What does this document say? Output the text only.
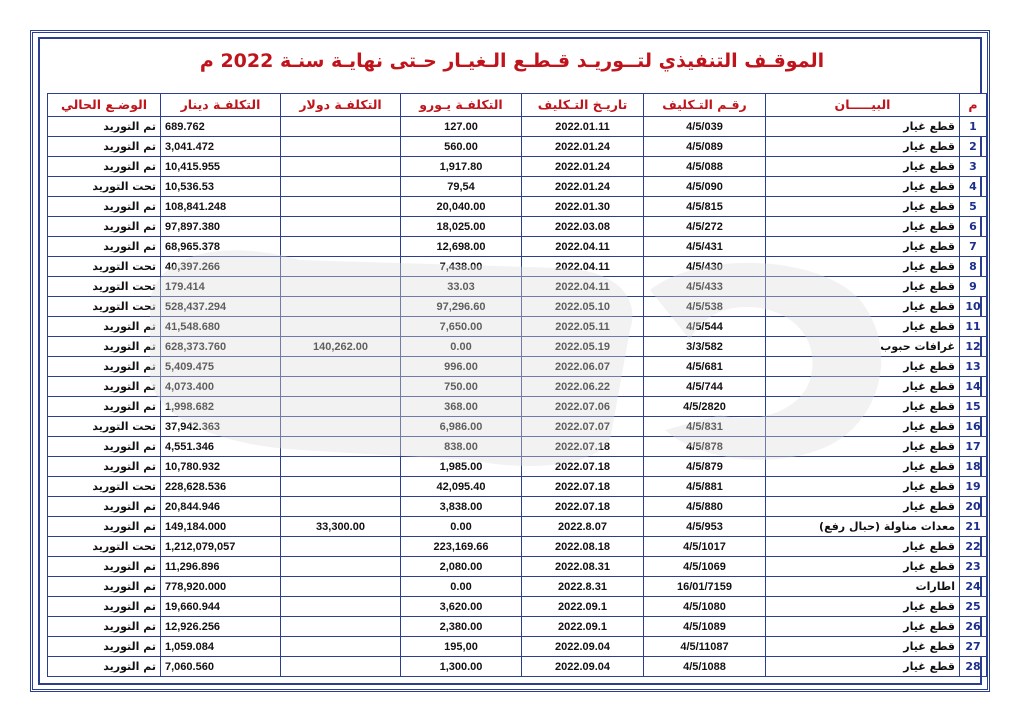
الموقـف التنفيذي لتــوريـد قـطـع الـغيـار حـتى نهايـة سنـة 2022 م
م	البيـــــان	رقـم التـكليف	تاريـخ التـكليف	التكلفـة يـورو	التكلفـة دولار	التكلفـة دينار	الوضـع الحالي
1	قطع غيار	4/5/039	2022.01.11	127.00		689.762	تم التوريد
2	قطع غيار	4/5/089	2022.01.24	560.00		3,041.472	تم التوريد
3	قطع غيار	4/5/088	2022.01.24	1,917.80		10,415.955	تم التوريد
4	قطع غيار	4/5/090	2022.01.24	79,54		10,536.53	تحت التوريد
5	قطع غيار	4/5/815	2022.01.30	20,040.00		108,841.248	تم التوريد
6	قطع غيار	4/5/272	2022.03.08	18,025.00		97,897.380	تم التوريد
7	قطع غيار	4/5/431	2022.04.11	12,698.00		68,965.378	تم التوريد
8	قطع غيار	4/5/430	2022.04.11	7,438.00		40,397.266	تحت التوريد
9	قطع غيار	4/5/433	2022.04.11	33.03		179.414	تحت التوريد
10	قطع غيار	4/5/538	2022.05.10	97,296.60		528,437.294	تحت التوريد
11	قطع غيار	4/5/544	2022.05.11	7,650.00		41,548.680	تم التوريد
12	غرافات حبوب	3/3/582	2022.05.19	0.00	140,262.00	628,373.760	تم التوريد
13	قطع غيار	4/5/681	2022.06.07	996.00		5,409.475	تم التوريد
14	قطع غيار	4/5/744	2022.06.22	750.00		4,073.400	تم التوريد
15	قطع غيار	4/5/2820	2022.07.06	368.00		1,998.682	تم التوريد
16	قطع غيار	4/5/831	2022.07.07	6,986.00		37,942.363	تحت التوريد
17	قطع غيار	4/5/878	2022.07.18	838.00		4,551.346	تم التوريد
18	قطع غيار	4/5/879	2022.07.18	1,985.00		10,780.932	تم التوريد
19	قطع غيار	4/5/881	2022.07.18	42,095.40		228,628.536	تحت التوريد
20	قطع غيار	4/5/880	2022.07.18	3,838.00		20,844.946	تم التوريد
21	معدات مناولة (حبال رفع)	4/5/953	2022.8.07	0.00	33,300.00	149,184.000	تم التوريد
22	قطع غيار	4/5/1017	2022.08.18	223,169.66		1,212,079,057	تحت التوريد
23	قطع غيار	4/5/1069	2022.08.31	2,080.00		11,296.896	تم التوريد
24	اطارات	16/01/7159	2022.8.31	0.00		778,920.000	تم التوريد
25	قطع غيار	4/5/1080	2022.09.1	3,620.00		19,660.944	تم التوريد
26	قطع غيار	4/5/1089	2022.09.1	2,380.00		12,926.256	تم التوريد
27	قطع غيار	4/5/11087	2022.09.04	195,00		1,059.084	تم التوريد
28	قطع غيار	4/5/1088	2022.09.04	1,300.00		7,060.560	تم التوريد
